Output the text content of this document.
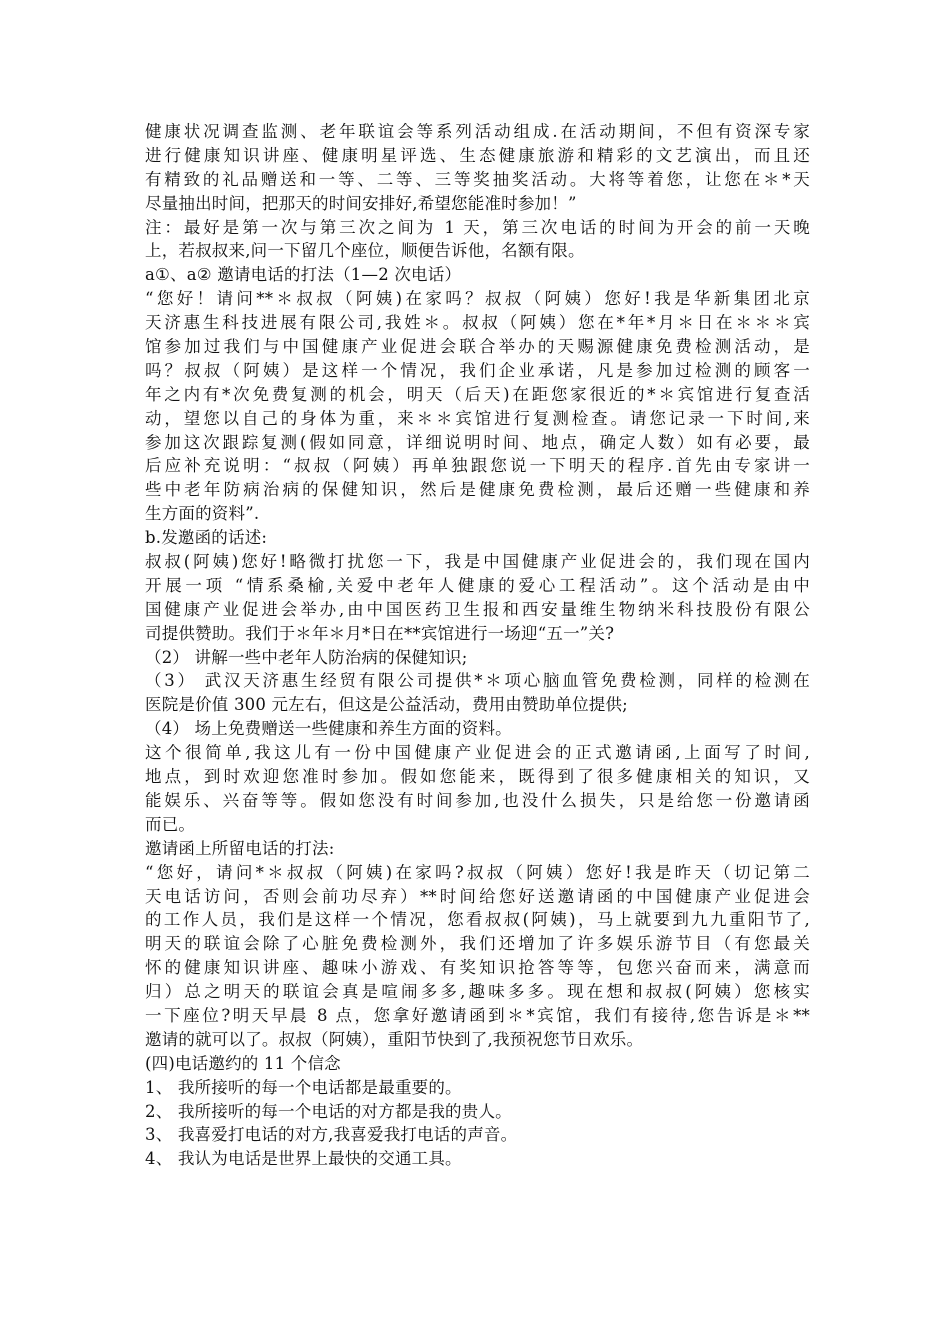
健康状况调查监测、老年联谊会等系列活动组成.在活动期间，不但有资深专家
进行健康知识讲座、健康明星评选、生态健康旅游和精彩的文艺演出，而且还
有精致的礼品赠送和一等、二等、三等奖抽奖活动。大将等着您，让您在＊*天
尽量抽出时间，把那天的时间安排好,希望您能准时参加！”
注：最好是第一次与第三次之间为 1 天，第三次电话的时间为开会的前一天晚
上，若叔叔来,问一下留几个座位，顺便告诉他，名额有限。
a①、a② 邀请电话的打法（1—2 次电话）
“您好！请问**＊叔叔（阿姨)在家吗？叔叔（阿姨）您好!我是华新集团北京
天济惠生科技进展有限公司,我姓＊。叔叔（阿姨）您在*年*月＊日在＊＊＊宾
馆参加过我们与中国健康产业促进会联合举办的天赐源健康免费检测活动，是
吗？叔叔（阿姨）是这样一个情况，我们企业承诺，凡是参加过检测的顾客一
年之内有*次免费复测的机会，明天（后天)在距您家很近的*＊宾馆进行复查活
动，望您以自己的身体为重，来＊＊宾馆进行复测检查。请您记录一下时间,来
参加这次跟踪复测(假如同意，详细说明时间、地点，确定人数）如有必要，最
后应补充说明：“叔叔（阿姨）再单独跟您说一下明天的程序.首先由专家讲一
些中老年防病治病的保健知识，然后是健康免费检测，最后还赠一些健康和养
生方面的资料”.
b.发邀函的话述:
叔叔(阿姨)您好!略微打扰您一下，我是中国健康产业促进会的，我们现在国内
开展一项 “情系桑榆,关爱中老年人健康的爱心工程活动”。这个活动是由中
国健康产业促进会举办,由中国医药卫生报和西安量维生物纳米科技股份有限公
司提供赞助。我们于＊年＊月*日在**宾馆进行一场迎“五一”关?
（2） 讲解一些中老年人防治病的保健知识;
（3） 武汉天济惠生经贸有限公司提供*＊项心脑血管免费检测，同样的检测在
医院是价值 300 元左右，但这是公益活动，费用由赞助单位提供;
（4） 场上免费赠送一些健康和养生方面的资料。
这个很简单,我这儿有一份中国健康产业促进会的正式邀请函,上面写了时间,
地点，到时欢迎您准时参加。假如您能来，既得到了很多健康相关的知识，又
能娱乐、兴奋等等。假如您没有时间参加,也没什么损失，只是给您一份邀请函
而已。
邀请函上所留电话的打法:
“您好，请问*＊叔叔（阿姨)在家吗?叔叔（阿姨）您好!我是昨天（切记第二
天电话访问，否则会前功尽弃）**时间给您好送邀请函的中国健康产业促进会
的工作人员，我们是这样一个情况，您看叔叔(阿姨)，马上就要到九九重阳节了,
明天的联谊会除了心脏免费检测外，我们还增加了许多娱乐游节目（有您最关
怀的健康知识讲座、趣味小游戏、有奖知识抢答等等，包您兴奋而来，满意而
归）总之明天的联谊会真是喧闹多多,趣味多多。现在想和叔叔(阿姨）您核实
一下座位?明天早晨 8 点，您拿好邀请函到＊*宾馆，我们有接待,您告诉是＊**
邀请的就可以了。叔叔（阿姨），重阳节快到了,我预祝您节日欢乐。
(四)电话邀约的 11 个信念
1、 我所接听的每一个电话都是最重要的。
2、 我所接听的每一个电话的对方都是我的贵人。
3、 我喜爱打电话的对方,我喜爱我打电话的声音。
4、 我认为电话是世界上最快的交通工具。
